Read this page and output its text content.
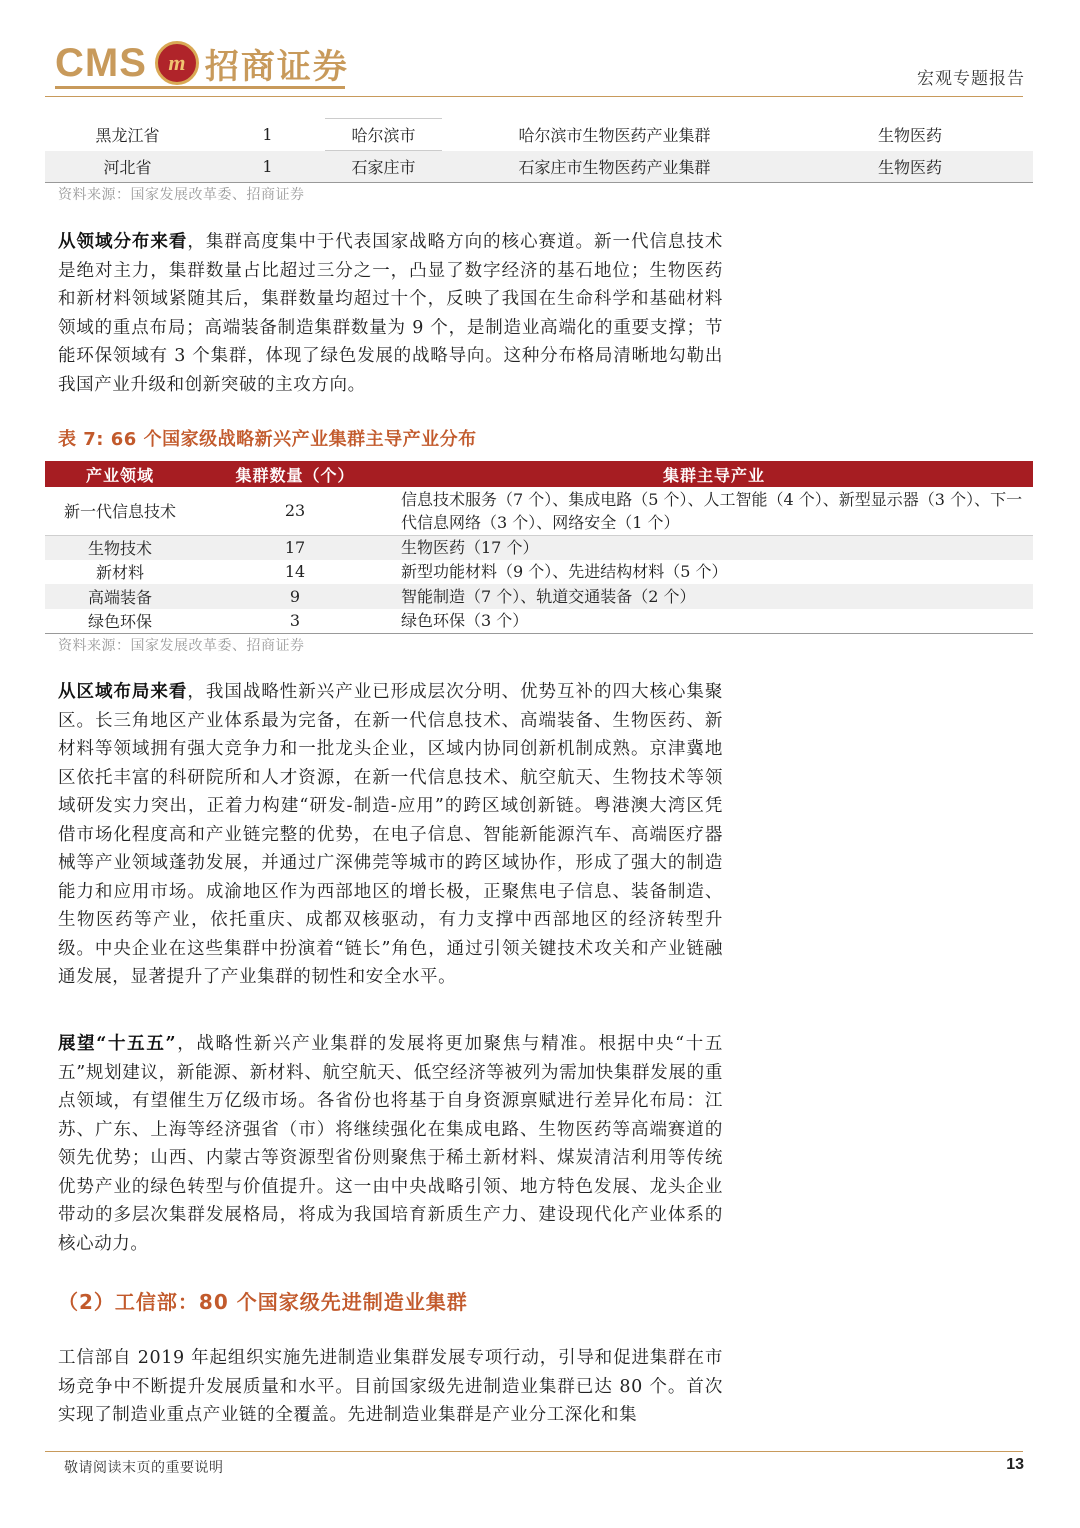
CMS m 招商证券	宏观专题报告
黑龙江省	1	哈尔滨市	哈尔滨市生物医药产业集群	生物医药
河北省	1	石家庄市	石家庄市生物医药产业集群	生物医药
资料来源：国家发展改革委、招商证券
从领域分布来看，集群高度集中于代表国家战略方向的核心赛道。新一代信息技术是绝对主力，集群数量占比超过三分之一，凸显了数字经济的基石地位；生物医药和新材料领域紧随其后，集群数量均超过十个，反映了我国在生命科学和基础材料领域的重点布局；高端装备制造集群数量为 9 个，是制造业高端化的重要支撑；节能环保领域有 3 个集群，体现了绿色发展的战略导向。这种分布格局清晰地勾勒出我国产业升级和创新突破的主攻方向。
表 7: 66 个国家级战略新兴产业集群主导产业分布
产业领域	集群数量（个）	集群主导产业
新一代信息技术	23	信息技术服务（7 个）、集成电路（5 个）、人工智能（4 个）、新型显示器（3 个）、下一代信息网络（3 个）、网络安全（1 个）
生物技术	17	生物医药（17 个）
新材料	14	新型功能材料（9 个）、先进结构材料（5 个）
高端装备	9	智能制造（7 个）、轨道交通装备（2 个）
绿色环保	3	绿色环保（3 个）
资料来源：国家发展改革委、招商证券
从区域布局来看，我国战略性新兴产业已形成层次分明、优势互补的四大核心集聚区。长三角地区产业体系最为完备，在新一代信息技术、高端装备、生物医药、新材料等领域拥有强大竞争力和一批龙头企业，区域内协同创新机制成熟。京津冀地区依托丰富的科研院所和人才资源，在新一代信息技术、航空航天、生物技术等领域研发实力突出，正着力构建“研发-制造-应用”的跨区域创新链。粤港澳大湾区凭借市场化程度高和产业链完整的优势，在电子信息、智能新能源汽车、高端医疗器械等产业领域蓬勃发展，并通过广深佛莞等城市的跨区域协作，形成了强大的制造能力和应用市场。成渝地区作为西部地区的增长极，正聚焦电子信息、装备制造、生物医药等产业，依托重庆、成都双核驱动，有力支撑中西部地区的经济转型升级。中央企业在这些集群中扮演着“链长”角色，通过引领关键技术攻关和产业链融通发展，显著提升了产业集群的韧性和安全水平。
展望“十五五”，战略性新兴产业集群的发展将更加聚焦与精准。根据中央“十五五”规划建议，新能源、新材料、航空航天、低空经济等被列为需加快集群发展的重点领域，有望催生万亿级市场。各省份也将基于自身资源禀赋进行差异化布局：江苏、广东、上海等经济强省（市）将继续强化在集成电路、生物医药等高端赛道的领先优势；山西、内蒙古等资源型省份则聚焦于稀土新材料、煤炭清洁利用等传统优势产业的绿色转型与价值提升。这一由中央战略引领、地方特色发展、龙头企业带动的多层次集群发展格局，将成为我国培育新质生产力、建设现代化产业体系的核心动力。
（2）工信部：80 个国家级先进制造业集群
工信部自 2019 年起组织实施先进制造业集群发展专项行动，引导和促进集群在市场竞争中不断提升发展质量和水平。目前国家级先进制造业集群已达 80 个。首次实现了制造业重点产业链的全覆盖。先进制造业集群是产业分工深化和集
敬请阅读末页的重要说明	13
